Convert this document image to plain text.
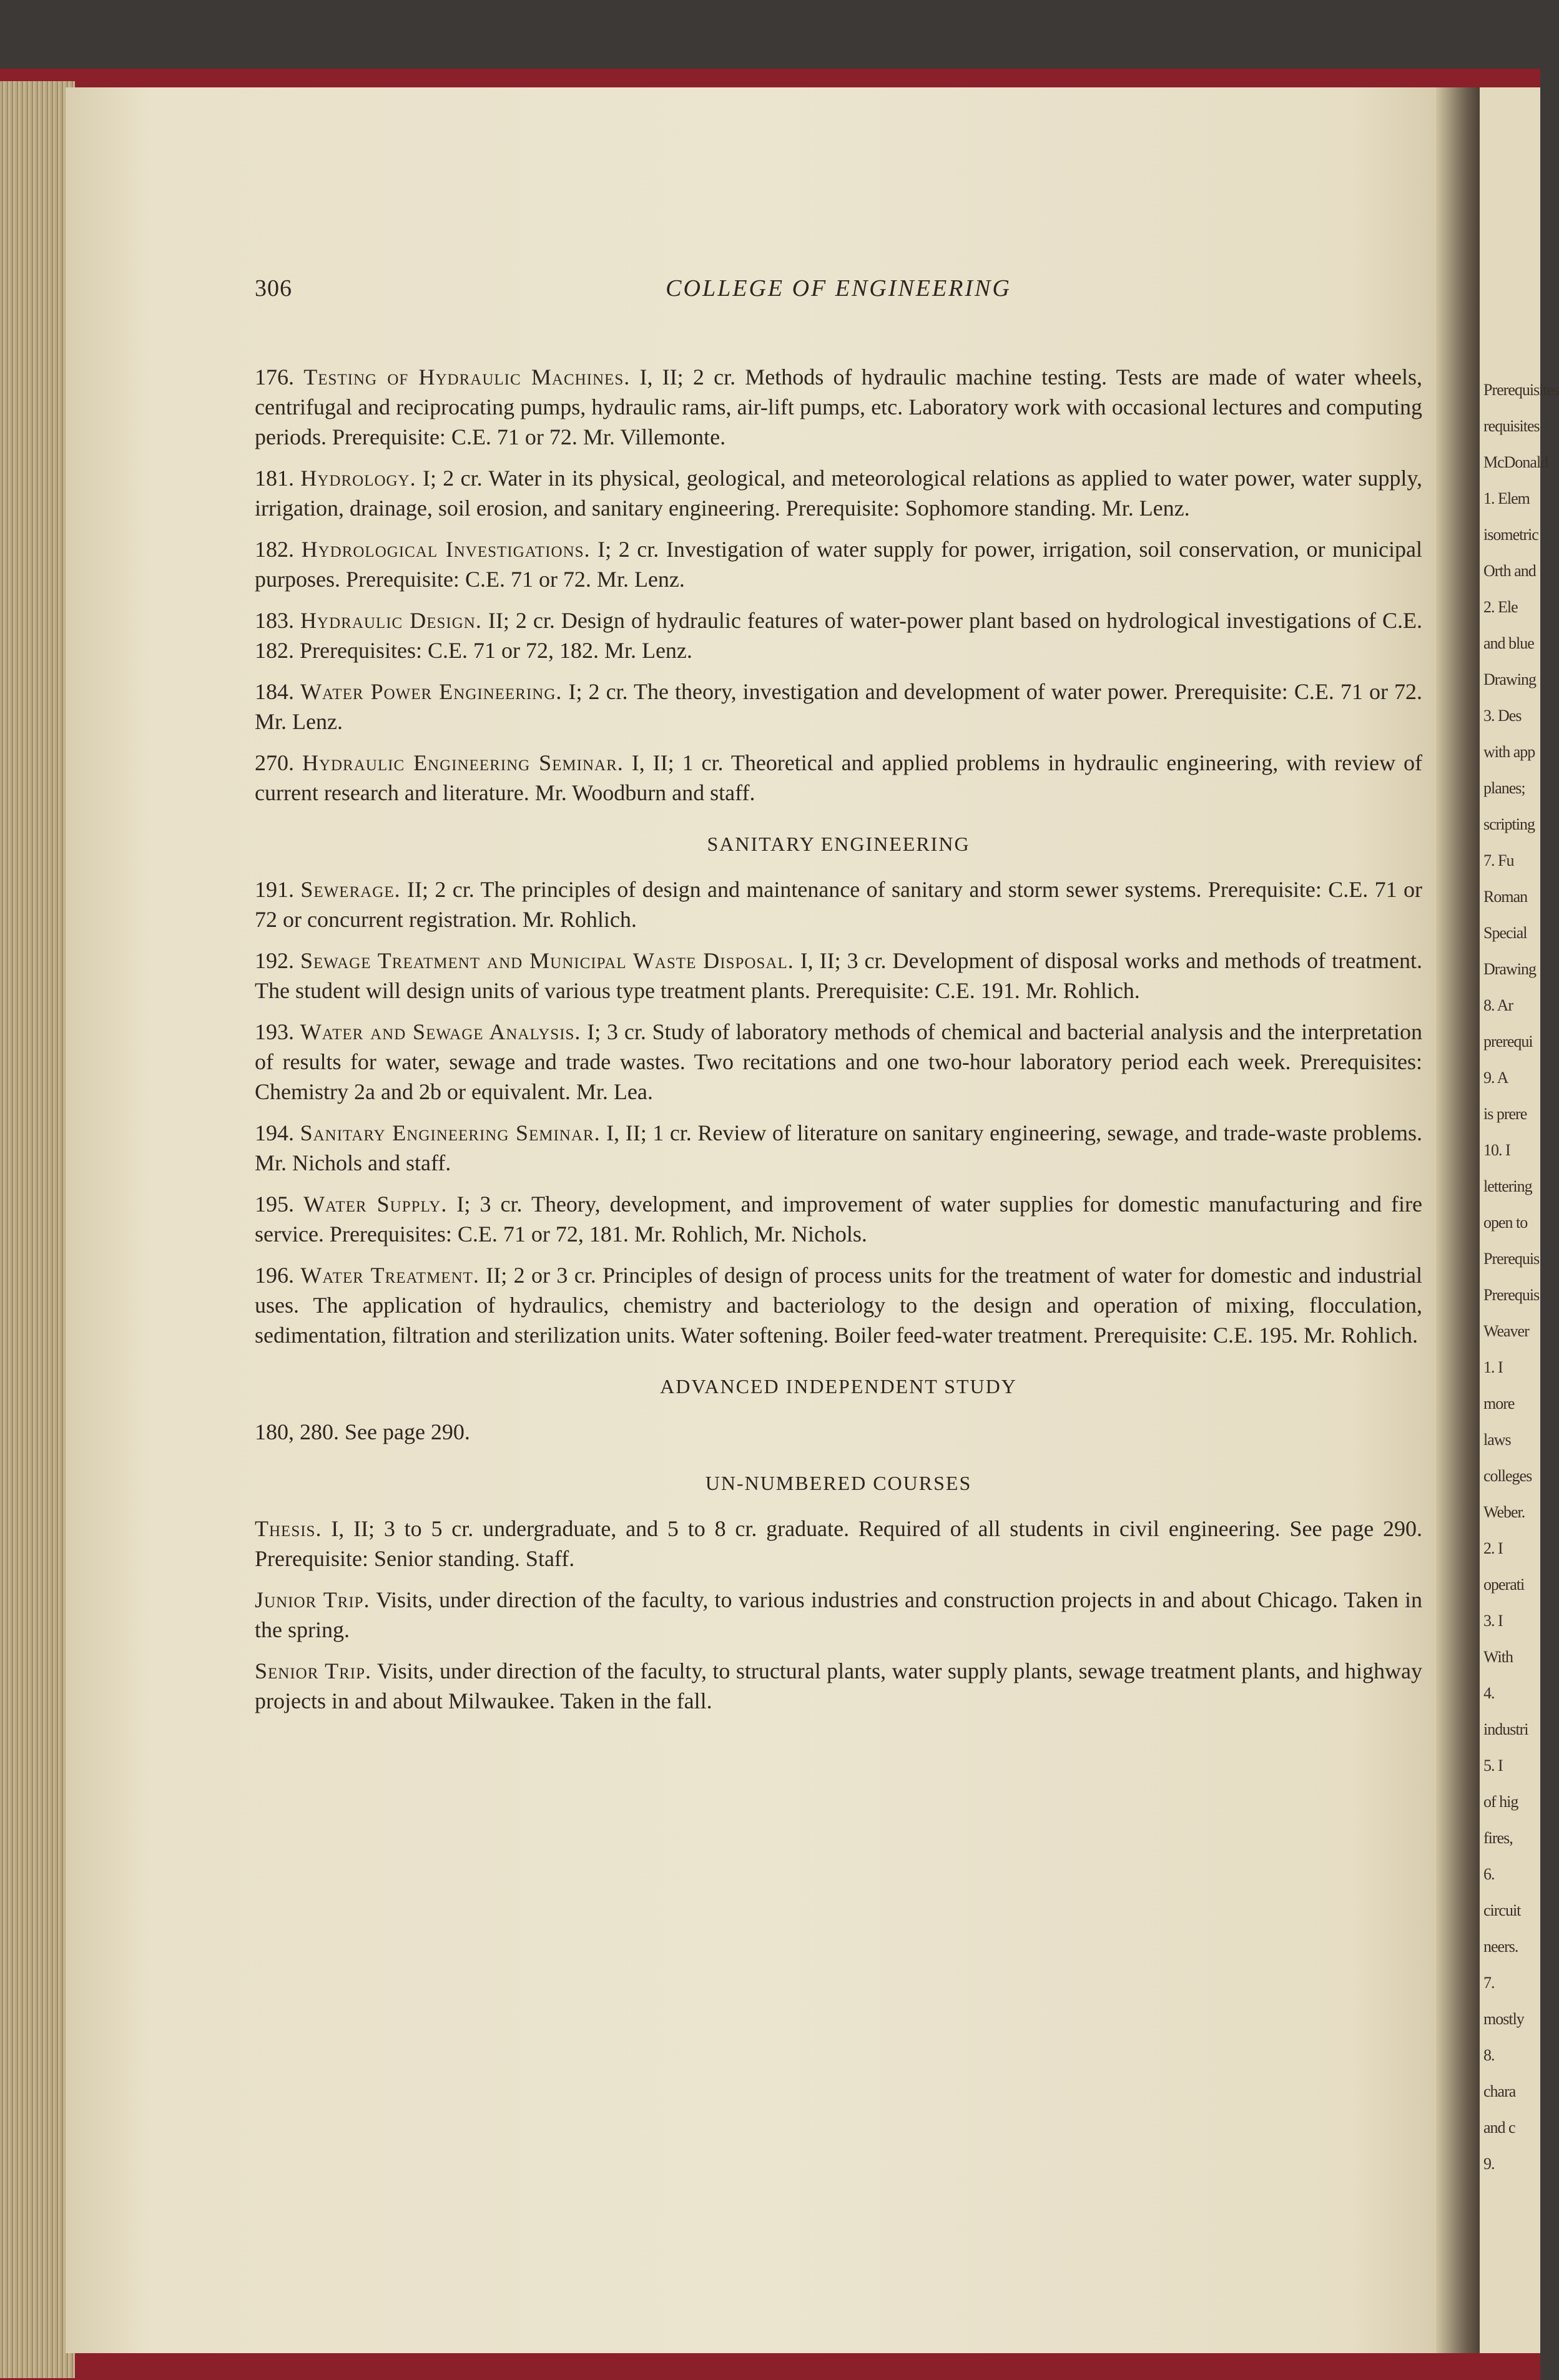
Prerequisites
requisites
McDonald
1. Elem
isometric
Orth and
2. Ele
and blue
Drawing
3. Des
with app
planes;
scripting
7. Fu
Roman
Special
Drawing
8. Ar
prerequi
9. A
is prere
10. I
lettering
open to
Prerequis
Prerequis
Weaver
1. I
more
laws
colleges
Weber.
2. I
operati
3. I
With
4.
industri
5. I
of hig
fires,
6.
circuit
neers.
7.
mostly
8.
chara
and c
9.
306	COLLEGE OF ENGINEERING

176. Testing of Hydraulic Machines. I, II; 2 cr. Methods of hydraulic machine testing. Tests are made of water wheels, centrifugal and reciprocating pumps, hydraulic rams, air-lift pumps, etc. Laboratory work with occasional lectures and computing periods. Prerequisite: C.E. 71 or 72. Mr. Villemonte.

181. Hydrology. I; 2 cr. Water in its physical, geological, and meteorological relations as applied to water power, water supply, irrigation, drainage, soil erosion, and sanitary engineering. Prerequisite: Sophomore standing. Mr. Lenz.

182. Hydrological Investigations. I; 2 cr. Investigation of water supply for power, irrigation, soil conservation, or municipal purposes. Prerequisite: C.E. 71 or 72. Mr. Lenz.

183. Hydraulic Design. II; 2 cr. Design of hydraulic features of water-power plant based on hydrological investigations of C.E. 182. Prerequisites: C.E. 71 or 72, 182. Mr. Lenz.

184. Water Power Engineering. I; 2 cr. The theory, investigation and development of water power. Prerequisite: C.E. 71 or 72. Mr. Lenz.

270. Hydraulic Engineering Seminar. I, II; 1 cr. Theoretical and applied problems in hydraulic engineering, with review of current research and literature. Mr. Woodburn and staff.

SANITARY ENGINEERING

191. Sewerage. II; 2 cr. The principles of design and maintenance of sanitary and storm sewer systems. Prerequisite: C.E. 71 or 72 or concurrent registration. Mr. Rohlich.

192. Sewage Treatment and Municipal Waste Disposal. I, II; 3 cr. Development of disposal works and methods of treatment. The student will design units of various type treatment plants. Prerequisite: C.E. 191. Mr. Rohlich.

193. Water and Sewage Analysis. I; 3 cr. Study of laboratory methods of chemical and bacterial analysis and the interpretation of results for water, sewage and trade wastes. Two recitations and one two-hour laboratory period each week. Prerequisites: Chemistry 2a and 2b or equivalent. Mr. Lea.

194. Sanitary Engineering Seminar. I, II; 1 cr. Review of literature on sanitary engineering, sewage, and trade-waste problems. Mr. Nichols and staff.

195. Water Supply. I; 3 cr. Theory, development, and improvement of water supplies for domestic manufacturing and fire service. Prerequisites: C.E. 71 or 72, 181. Mr. Rohlich, Mr. Nichols.

196. Water Treatment. II; 2 or 3 cr. Principles of design of process units for the treatment of water for domestic and industrial uses. The application of hydraulics, chemistry and bacteriology to the design and operation of mixing, flocculation, sedimentation, filtration and sterilization units. Water softening. Boiler feed-water treatment. Prerequisite: C.E. 195. Mr. Rohlich.

ADVANCED INDEPENDENT STUDY

180, 280. See page 290.

UN-NUMBERED COURSES

Thesis. I, II; 3 to 5 cr. undergraduate, and 5 to 8 cr. graduate. Required of all students in civil engineering. See page 290. Prerequisite: Senior standing. Staff.

Junior Trip. Visits, under direction of the faculty, to various industries and construction projects in and about Chicago. Taken in the spring.

Senior Trip. Visits, under direction of the faculty, to structural plants, water supply plants, sewage treatment plants, and highway projects in and about Milwaukee. Taken in the fall.
